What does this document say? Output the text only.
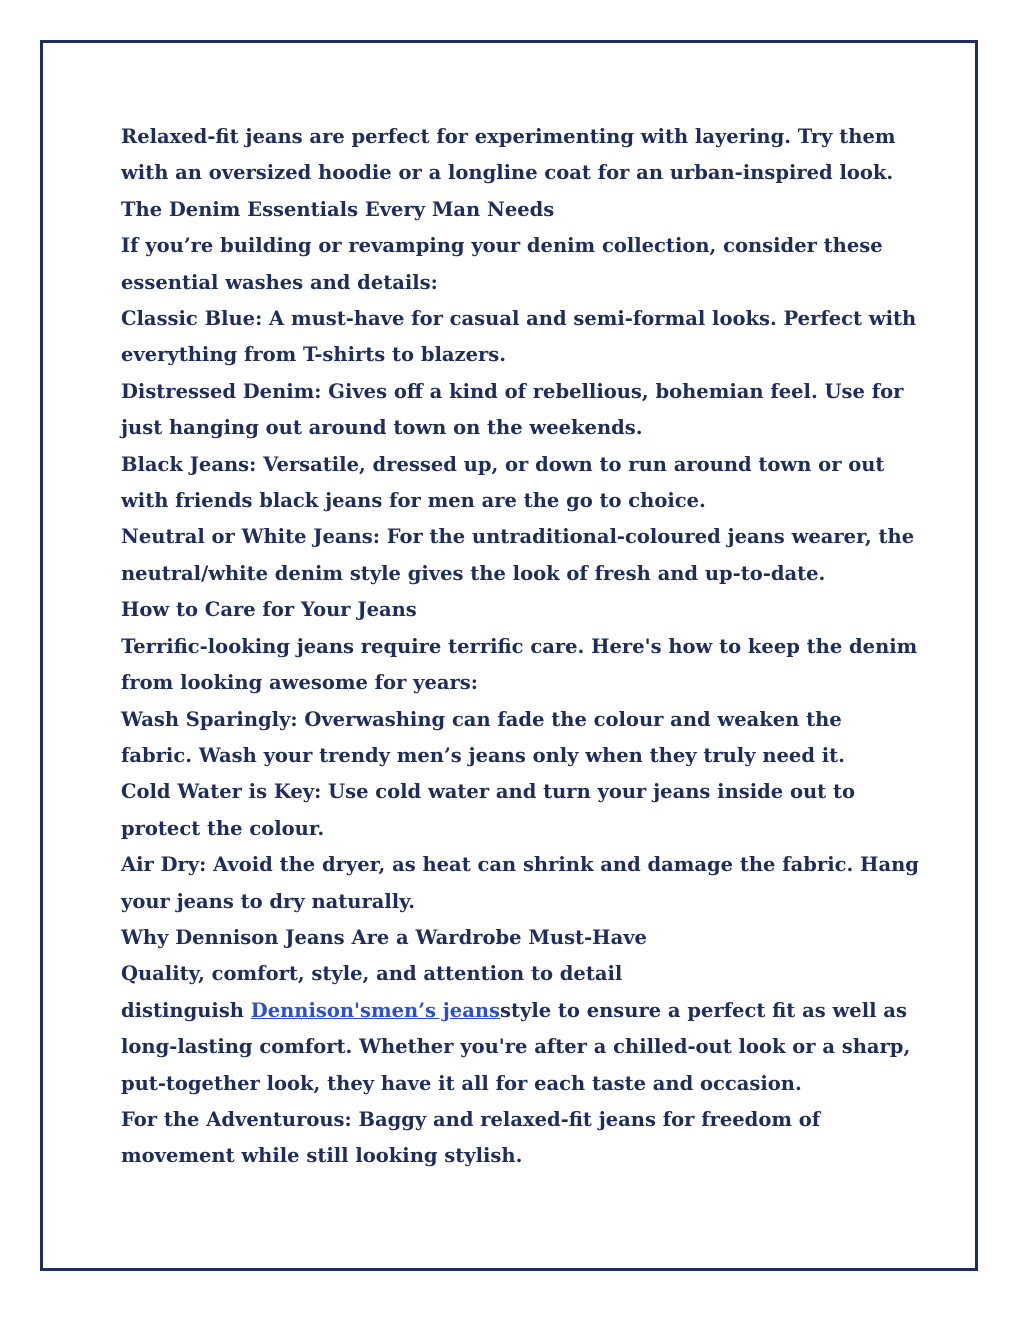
Relaxed-fit jeans are perfect for experimenting with layering. Try them
with an oversized hoodie or a longline coat for an urban-inspired look.
The Denim Essentials Every Man Needs
If you’re building or revamping your denim collection, consider these
essential washes and details:
Classic Blue: A must-have for casual and semi-formal looks. Perfect with
everything from T-shirts to blazers.
Distressed Denim: Gives off a kind of rebellious, bohemian feel. Use for
just hanging out around town on the weekends.
Black Jeans: Versatile, dressed up, or down to run around town or out
with friends black jeans for men are the go to choice.
Neutral or White Jeans: For the untraditional-coloured jeans wearer, the
neutral/white denim style gives the look of fresh and up-to-date.
How to Care for Your Jeans
Terrific-looking jeans require terrific care. Here's how to keep the denim
from looking awesome for years:
Wash Sparingly: Overwashing can fade the colour and weaken the
fabric. Wash your trendy men’s jeans only when they truly need it.
Cold Water is Key: Use cold water and turn your jeans inside out to
protect the colour.
Air Dry: Avoid the dryer, as heat can shrink and damage the fabric. Hang
your jeans to dry naturally.
Why Dennison Jeans Are a Wardrobe Must-Have
Quality, comfort, style, and attention to detail
distinguish Dennison'smen’s jeansstyle to ensure a perfect fit as well as
long-lasting comfort. Whether you're after a chilled-out look or a sharp,
put-together look, they have it all for each taste and occasion.
For the Adventurous: Baggy and relaxed-fit jeans for freedom of
movement while still looking stylish.
